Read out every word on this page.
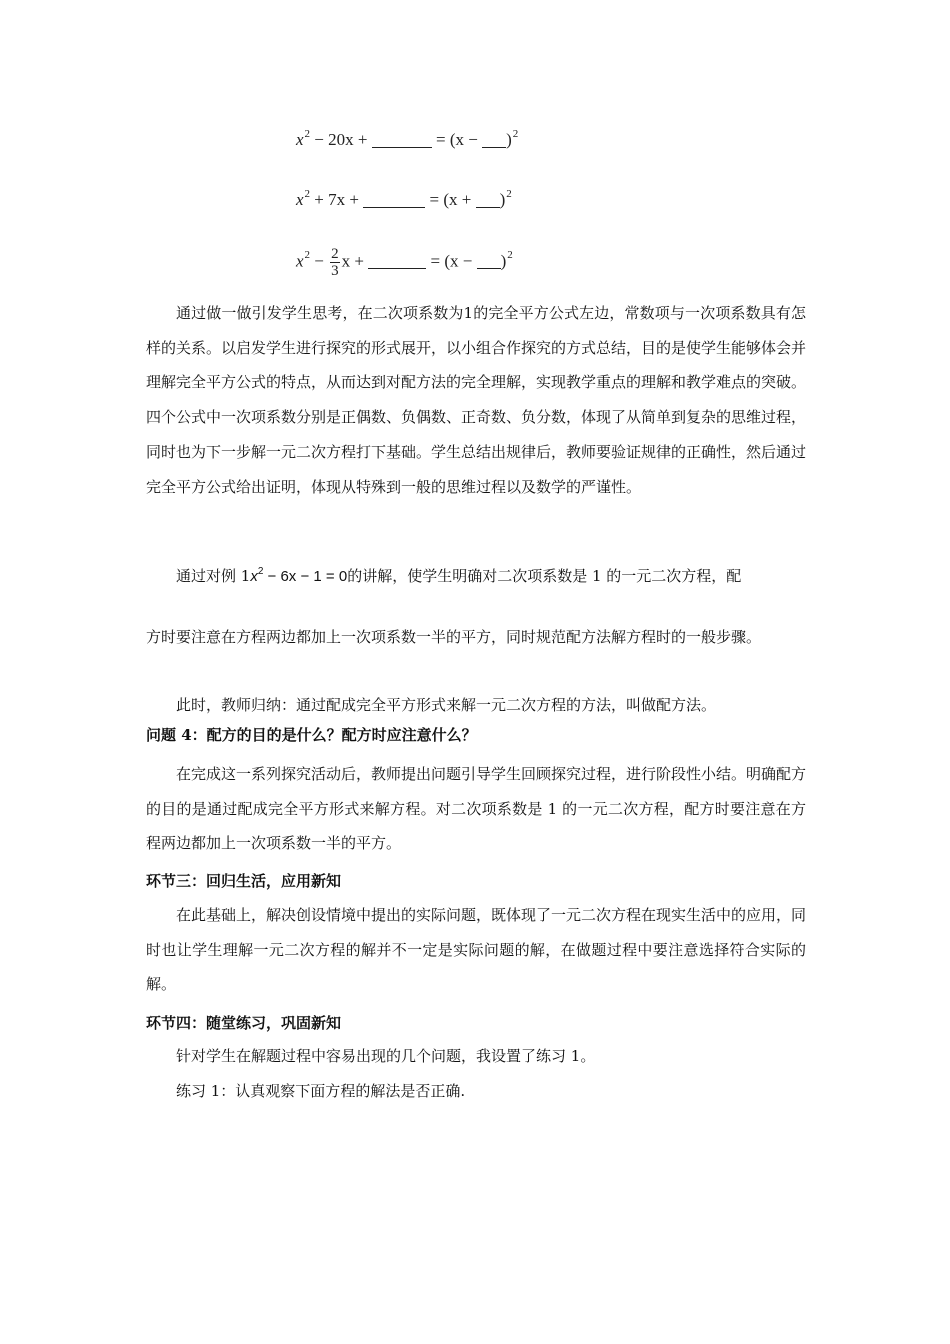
$x^2 - 20x$ +	= $(x - )^2$
$x^2 + 7x$ +	= $(x + )^2$
$x^2 - \frac{2}{3}$ x +	= $(x - )^2$

通过做一做引发学生思考，在二次项系数为1的完全平方公式左边，常数项与一次项系数具有怎样的关系。以启发学生进行探究的形式展开，以小组合作探究的方式总结，目的是使学生能够体会并理解完全平方公式的特点，从而达到对配方法的完全理解，实现教学重点的理解和教学难点的突破。四个公式中一次项系数分别是正偶数、负偶数、正奇数、负分数，体现了从简单到复杂的思维过程，同时也为下一步解一元二次方程打下基础。学生总结出规律后，教师要验证规律的正确性，然后通过完全平方公式给出证明，体现从特殊到一般的思维过程以及数学的严谨性。

通过对例 $1x^2 - 6x - 1 = 0$的讲解，使学生明确对二次项系数是 1 的一元二次方程，配

方时要注意在方程两边都加上一次项系数一半的平方，同时规范配方法解方程时的一般步骤。

此时，教师归纳：通过配成完全平方形式来解一元二次方程的方法，叫做配方法。

问题 4：配方的目的是什么？配方时应注意什么？

在完成这一系列探究活动后，教师提出问题引导学生回顾探究过程，进行阶段性小结。明确配方的目的是通过配成完全平方形式来解方程。对二次项系数是 1 的一元二次方程，配方时要注意在方程两边都加上一次项系数一半的平方。

环节三：回归生活，应用新知

在此基础上，解决创设情境中提出的实际问题，既体现了一元二次方程在现实生活中的应用，同时也让学生理解一元二次方程的解并不一定是实际问题的解，在做题过程中要注意选择符合实际的解。

环节四：随堂练习，巩固新知

针对学生在解题过程中容易出现的几个问题，我设置了练习 1。

练习 1：认真观察下面方程的解法是否正确.
